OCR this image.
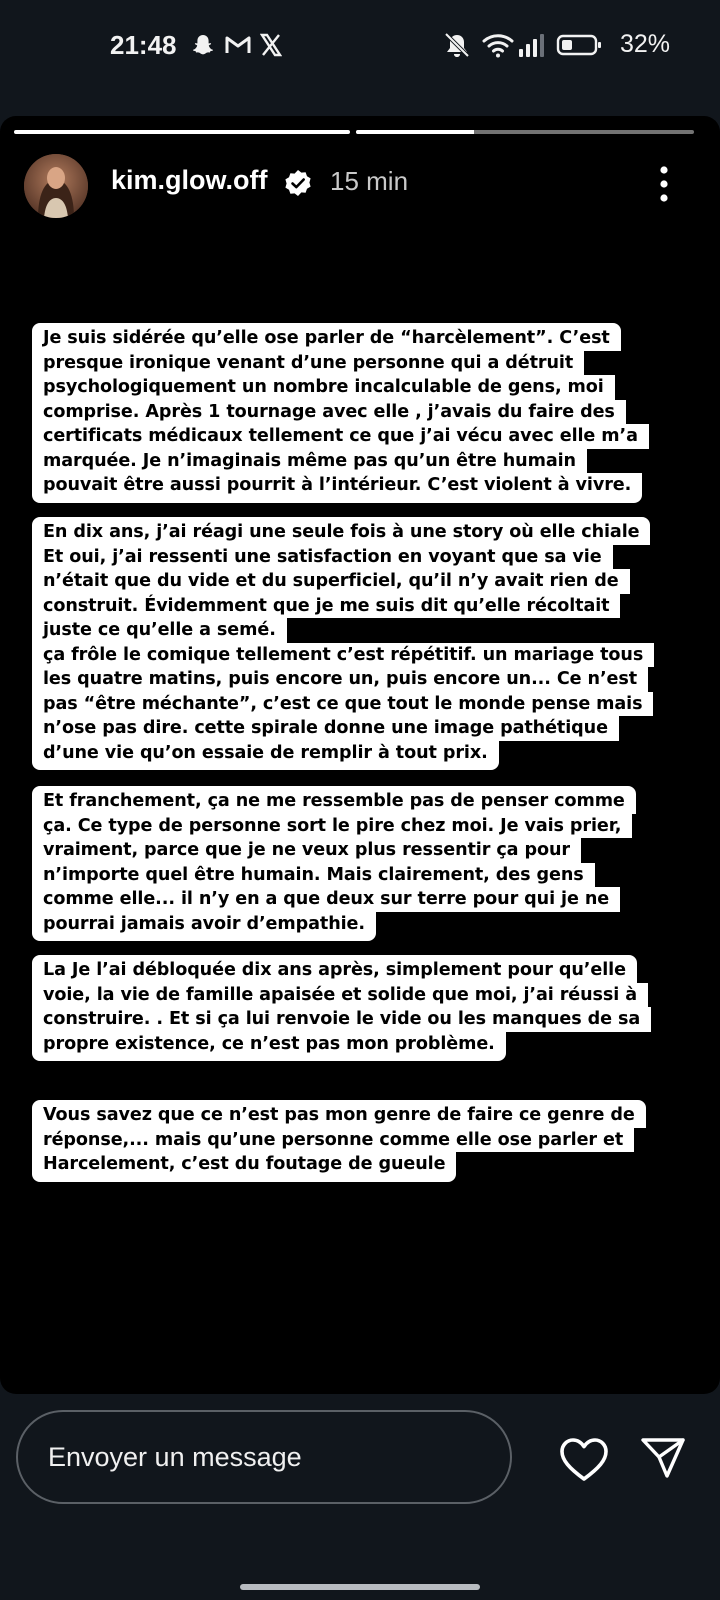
21:48	32%
kim.glow.off 15 min
Je suis sidérée qu’elle ose parler de “harcèlement”. C’est
presque ironique venant d’une personne qui a détruit
psychologiquement un nombre incalculable de gens, moi
comprise. Après 1 tournage avec elle , j’avais du faire des
certificats médicaux tellement ce que j’ai vécu avec elle m’a
marquée. Je n’imaginais même pas qu’un être humain
pouvait être aussi pourrit à l’intérieur. C’est violent à vivre.
En dix ans, j’ai réagi une seule fois à une story où elle chiale
Et oui, j’ai ressenti une satisfaction en voyant que sa vie
n’était que du vide et du superficiel, qu’il n’y avait rien de
construit. Évidemment que je me suis dit qu’elle récoltait
juste ce qu’elle a semé.
ça frôle le comique tellement c’est répétitif. un mariage tous
les quatre matins, puis encore un, puis encore un... Ce n’est
pas “être méchante”, c’est ce que tout le monde pense mais
n’ose pas dire. cette spirale donne une image pathétique
d’une vie qu’on essaie de remplir à tout prix.
Et franchement, ça ne me ressemble pas de penser comme
ça. Ce type de personne sort le pire chez moi. Je vais prier,
vraiment, parce que je ne veux plus ressentir ça pour
n’importe quel être humain. Mais clairement, des gens
comme elle... il n’y en a que deux sur terre pour qui je ne
pourrai jamais avoir d’empathie.
La Je l’ai débloquée dix ans après, simplement pour qu’elle
voie, la vie de famille apaisée et solide que moi, j’ai réussi à
construire. . Et si ça lui renvoie le vide ou les manques de sa
propre existence, ce n’est pas mon problème.
Vous savez que ce n’est pas mon genre de faire ce genre de
réponse,... mais qu’une personne comme elle ose parler et
Harcelement, c’est du foutage de gueule
Envoyer un message
